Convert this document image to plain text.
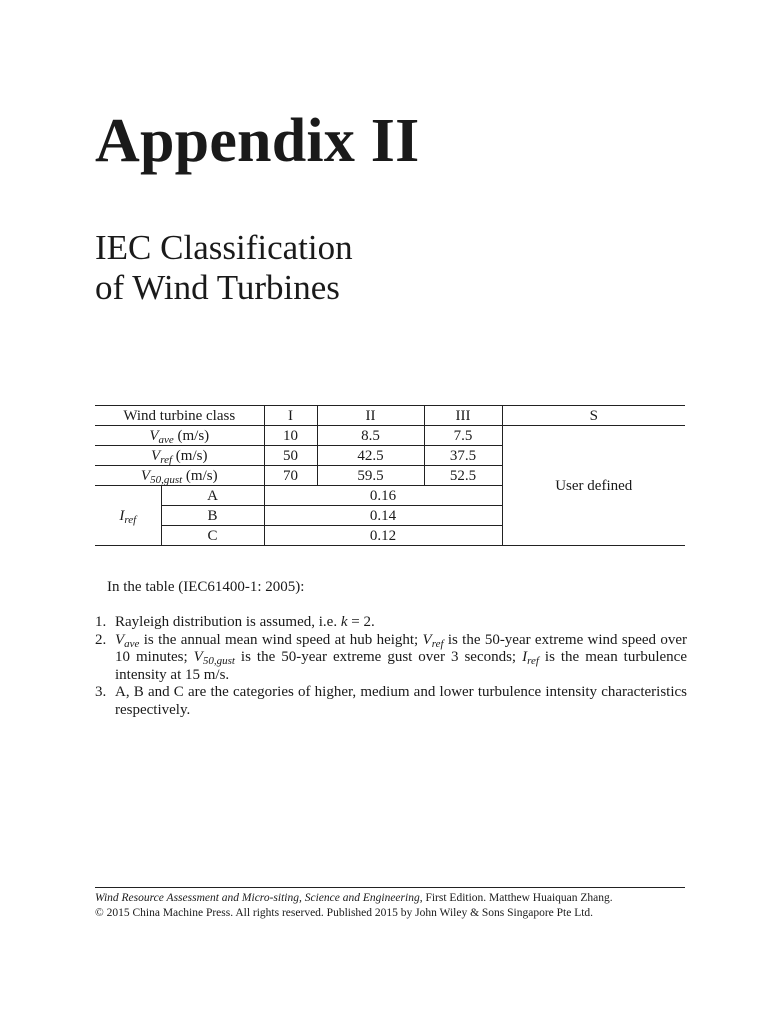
Appendix II
IEC Classification
of Wind Turbines
Wind turbine class		I	II	III	S
$V_{ave}$ (m/s)		10	8.5	7.5	User defined
$V_{ref}$ (m/s)		50	42.5	37.5	
$V_{50,gust}$ (m/s)		70	59.5	52.5	
$I_{ref}$	A	0.16			
	B	0.14			
	C	0.12			

In the table (IEC61400-1: 2005):

1. Rayleigh distribution is assumed, i.e. k = 2.
2. $V_{ave}$ is the annual mean wind speed at hub height; $V_{ref}$ is the 50-year extreme wind speed over 10 minutes; $V_{50,gust}$ is the 50-year extreme gust over 3 seconds; $I_{ref}$ is the mean turbulence intensity at 15 m/s.
3. A, B and C are the categories of higher, medium and lower turbulence intensity characteristics respectively.
Wind Resource Assessment and Micro-siting, Science and Engineering, First Edition. Matthew Huaiquan Zhang.
© 2015 China Machine Press. All rights reserved. Published 2015 by John Wiley & Sons Singapore Pte Ltd.
